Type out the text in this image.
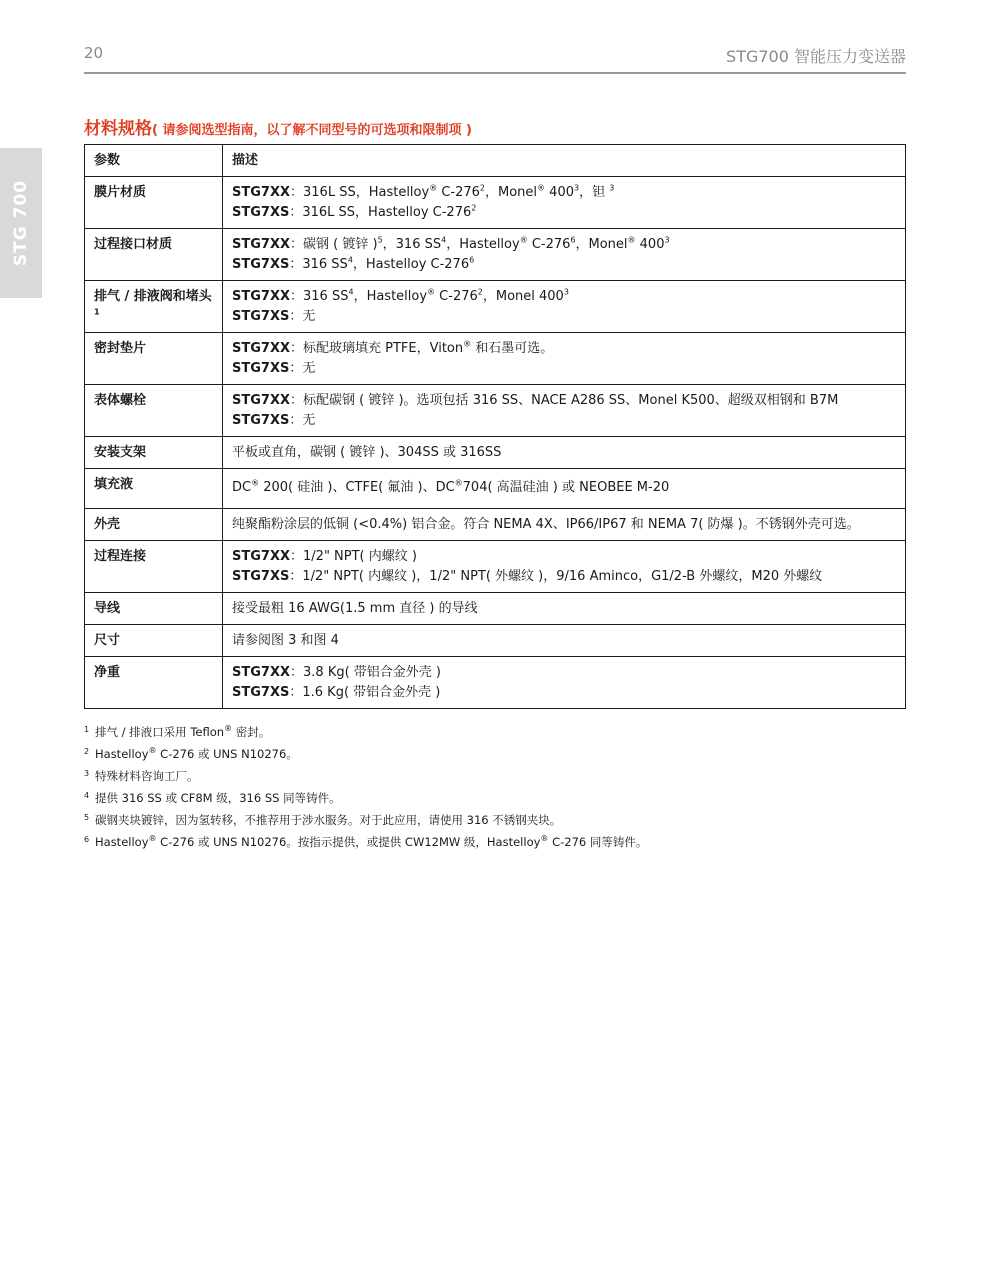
20	STG700 智能压力变送器
STG 700
材料规格( 请参阅选型指南，以了解不同型号的可选项和限制项 )
参数	描述
膜片材质	STG7XX：316L SS，Hastelloy® $C-276^2$，Monel® $400^3$，钽 $^3$
STG7XS：316L SS，Hastelloy $C-276^2$

过程接口材质	STG7XX：碳钢 ( 镀锌 )$^5$，316 $SS^4$，Hastelloy® $C-276^6$，Monel® $400^3$
STG7XS：316 $SS^4$，Hastelloy $C-276^6$

排气 / 排液阀和堵头 $^1$	STG7XX：316 $SS^4$，Hastelloy® $C-276^2$，Monel $400^3$
STG7XS：无

密封垫片	STG7XX：标配玻璃填充 PTFE，Viton® 和石墨可选。
STG7XS：无

表体螺栓	STG7XX：标配碳钢 ( 镀锌 )。选项包括 316 SS、NACE A286 SS、Monel K500、超级双相钢和 B7M
STG7XS：无

安装支架	平板或直角，碳钢 ( 镀锌 )、304SS 或 316SS
填充液	DC® 200( 硅油 )、CTFE( 氟油 )、DC®704( 高温硅油 ) 或 NEOBEE M-20
外壳	纯聚酯粉涂层的低铜 (<0.4%) 铝合金。符合 NEMA 4X、IP66/IP67 和 NEMA 7( 防爆 )。不锈钢外壳可选。
过程连接	STG7XX：1/2" NPT( 内螺纹 )
STG7XS：1/2" NPT( 内螺纹 )，1/2" NPT( 外螺纹 )，9/16 Aminco，G1/2-B 外螺纹，M20 外螺纹

导线	接受最粗 16 AWG(1.5 mm 直径 ) 的导线
尺寸	请参阅图 3 和图 4
净重	STG7XX：3.8 Kg( 带铝合金外壳 )
STG7XS：1.6 Kg( 带铝合金外壳 )
1 排气 / 排液口采用 Teflon® 密封。
2 Hastelloy® C-276 或 UNS N10276。
3 特殊材料咨询工厂。
4 提供 316 SS 或 CF8M 级，316 SS 同等铸件。
5 碳钢夹块镀锌，因为氢转移，不推荐用于涉水服务。对于此应用，请使用 316 不锈钢夹块。
6 Hastelloy® C-276 或 UNS N10276。按指示提供，或提供 CW12MW 级，Hastelloy® C-276 同等铸件。
